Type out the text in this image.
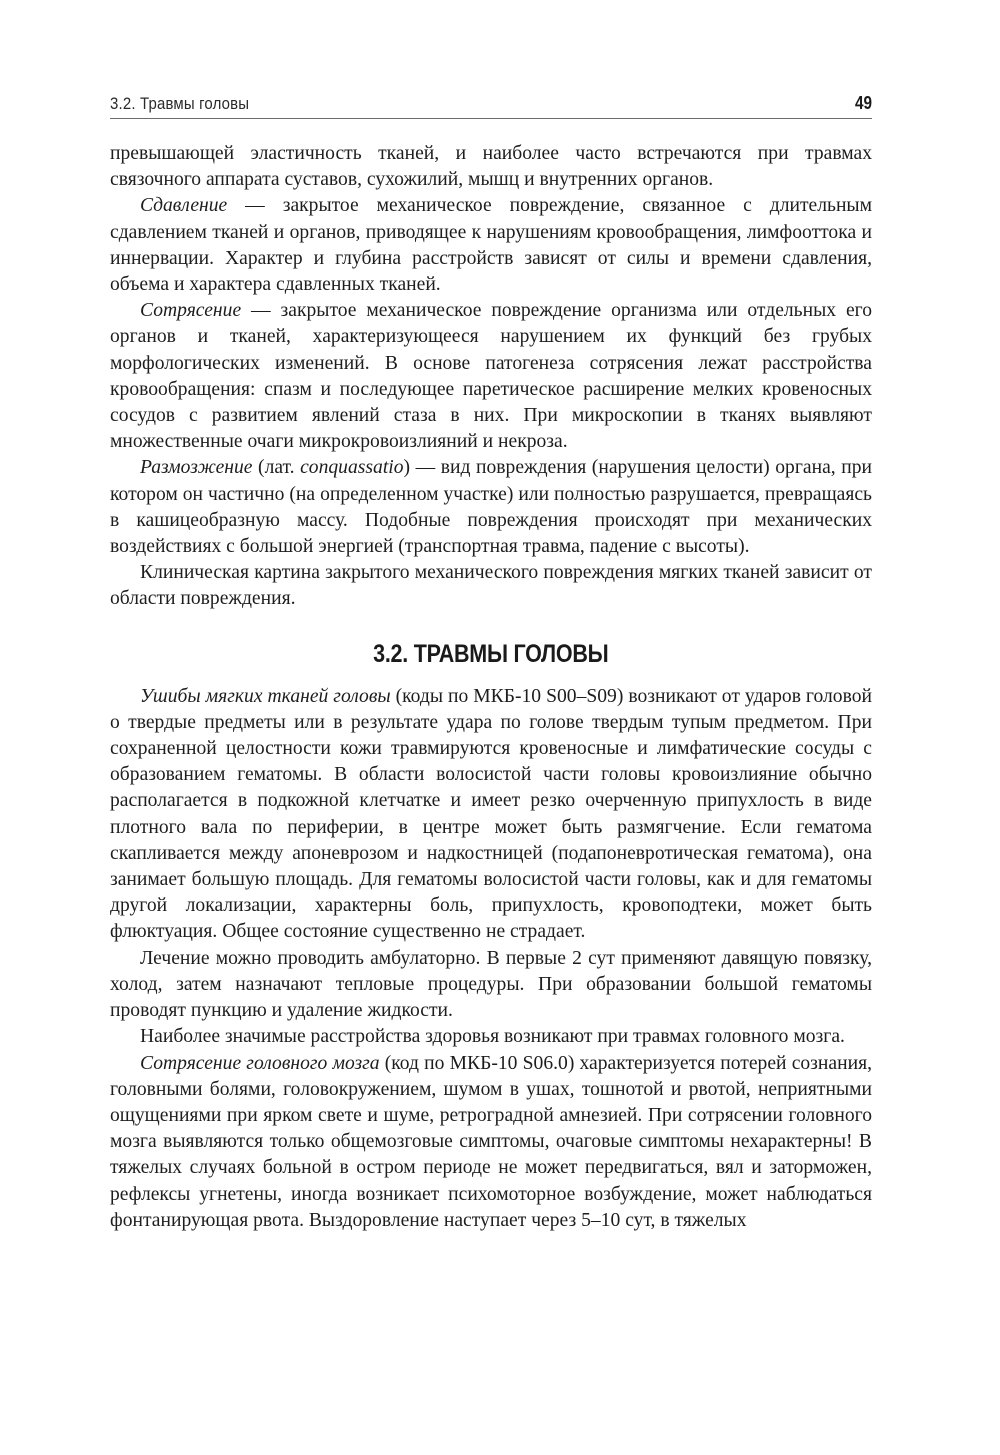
3.2. Травмы головы	49

превышающей эластичность тканей, и наиболее часто встречаются при травмах связочного аппарата суставов, сухожилий, мышц и внутренних органов.

Сдавление — закрытое механическое повреждение, связанное с длительным сдавлением тканей и органов, приводящее к нарушениям кровообращения, лимфооттока и иннервации. Характер и глубина расстройств зависят от силы и времени сдавления, объема и характера сдавленных тканей.

Сотрясение — закрытое механическое повреждение организма или отдельных его органов и тканей, характеризующееся нарушением их функций без грубых морфологических изменений. В основе патогенеза сотрясения лежат расстройства кровообращения: спазм и последующее паретическое расширение мелких кровеносных сосудов с развитием явлений стаза в них. При микроскопии в тканях выявляют множественные очаги микрокровоизлияний и некроза.

Размозжение (лат. conquassatio) — вид повреждения (нарушения целости) органа, при котором он частично (на определенном участке) или полностью разрушается, превращаясь в кашицеобразную массу. Подобные повреждения происходят при механических воздействиях с большой энергией (транспортная травма, падение с высоты).

Клиническая картина закрытого механического повреждения мягких тканей зависит от области повреждения.

3.2. ТРАВМЫ ГОЛОВЫ

Ушибы мягких тканей головы (коды по МКБ-10 S00–S09) возникают от ударов головой о твердые предметы или в результате удара по голове твердым тупым предметом. При сохраненной целостности кожи травмируются кровеносные и лимфатические сосуды с образованием гематомы. В области волосистой части головы кровоизлияние обычно располагается в подкожной клетчатке и имеет резко очерченную припухлость в виде плотного вала по периферии, в центре может быть размягчение. Если гематома скапливается между апоневрозом и надкостницей (подапоневротическая гематома), она занимает большую площадь. Для гематомы волосистой части головы, как и для гематомы другой локализации, характерны боль, припухлость, кровоподтеки, может быть флюктуация. Общее состояние существенно не страдает.

Лечение можно проводить амбулаторно. В первые 2 сут применяют давящую повязку, холод, затем назначают тепловые процедуры. При образовании большой гематомы проводят пункцию и удаление жидкости.

Наиболее значимые расстройства здоровья возникают при травмах головного мозга.

Сотрясение головного мозга (код по МКБ-10 S06.0) характеризуется потерей сознания, головными болями, головокружением, шумом в ушах, тошнотой и рвотой, неприятными ощущениями при ярком свете и шуме, ретроградной амнезией. При сотрясении головного мозга выявляются только общемозговые симптомы, очаговые симптомы нехарактерны! В тяжелых случаях больной в остром периоде не может передвигаться, вял и заторможен, рефлексы угнетены, иногда возникает психомоторное возбуждение, может наблюдаться фонтанирующая рвота. Выздоровление наступает через 5–10 сут, в тяжелых
